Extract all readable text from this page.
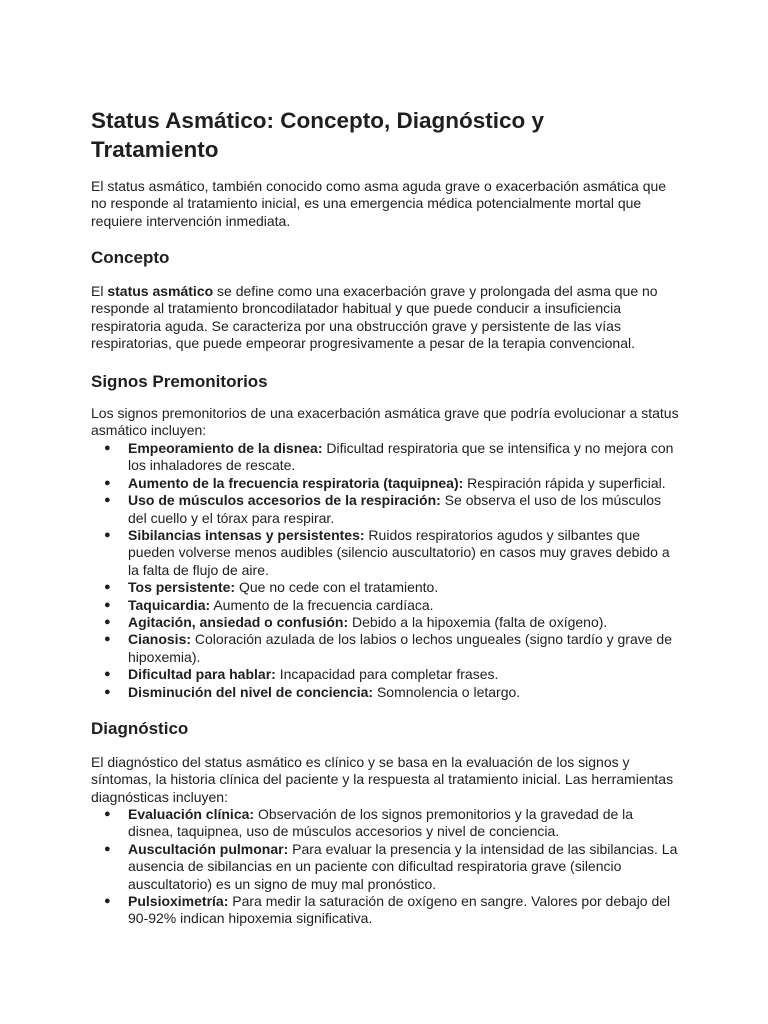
Status Asmático: Concepto, Diagnóstico y Tratamiento

El status asmático, también conocido como asma aguda grave o exacerbación asmática que no responde al tratamiento inicial, es una emergencia médica potencialmente mortal que requiere intervención inmediata.

Concepto

El status asmático se define como una exacerbación grave y prolongada del asma que no responde al tratamiento broncodilatador habitual y que puede conducir a insuficiencia respiratoria aguda. Se caracteriza por una obstrucción grave y persistente de las vías respiratorias, que puede empeorar progresivamente a pesar de la terapia convencional.

Signos Premonitorios

Los signos premonitorios de una exacerbación asmática grave que podría evolucionar a status asmático incluyen:

● Empeoramiento de la disnea: Dificultad respiratoria que se intensifica y no mejora con los inhaladores de rescate.
● Aumento de la frecuencia respiratoria (taquipnea): Respiración rápida y superficial.
● Uso de músculos accesorios de la respiración: Se observa el uso de los músculos del cuello y el tórax para respirar.
● Sibilancias intensas y persistentes: Ruidos respiratorios agudos y silbantes que pueden volverse menos audibles (silencio auscultatorio) en casos muy graves debido a la falta de flujo de aire.
● Tos persistente: Que no cede con el tratamiento.
● Taquicardia: Aumento de la frecuencia cardíaca.
● Agitación, ansiedad o confusión: Debido a la hipoxemia (falta de oxígeno).
● Cianosis: Coloración azulada de los labios o lechos ungueales (signo tardío y grave de hipoxemia).
● Dificultad para hablar: Incapacidad para completar frases.
● Disminución del nivel de conciencia: Somnolencia o letargo.
Diagnóstico

El diagnóstico del status asmático es clínico y se basa en la evaluación de los signos y síntomas, la historia clínica del paciente y la respuesta al tratamiento inicial. Las herramientas diagnósticas incluyen:

● Evaluación clínica: Observación de los signos premonitorios y la gravedad de la disnea, taquipnea, uso de músculos accesorios y nivel de conciencia.
● Auscultación pulmonar: Para evaluar la presencia y la intensidad de las sibilancias. La ausencia de sibilancias en un paciente con dificultad respiratoria grave (silencio auscultatorio) es un signo de muy mal pronóstico.
● Pulsioximetría: Para medir la saturación de oxígeno en sangre. Valores por debajo del 90-92% indican hipoxemia significativa.
